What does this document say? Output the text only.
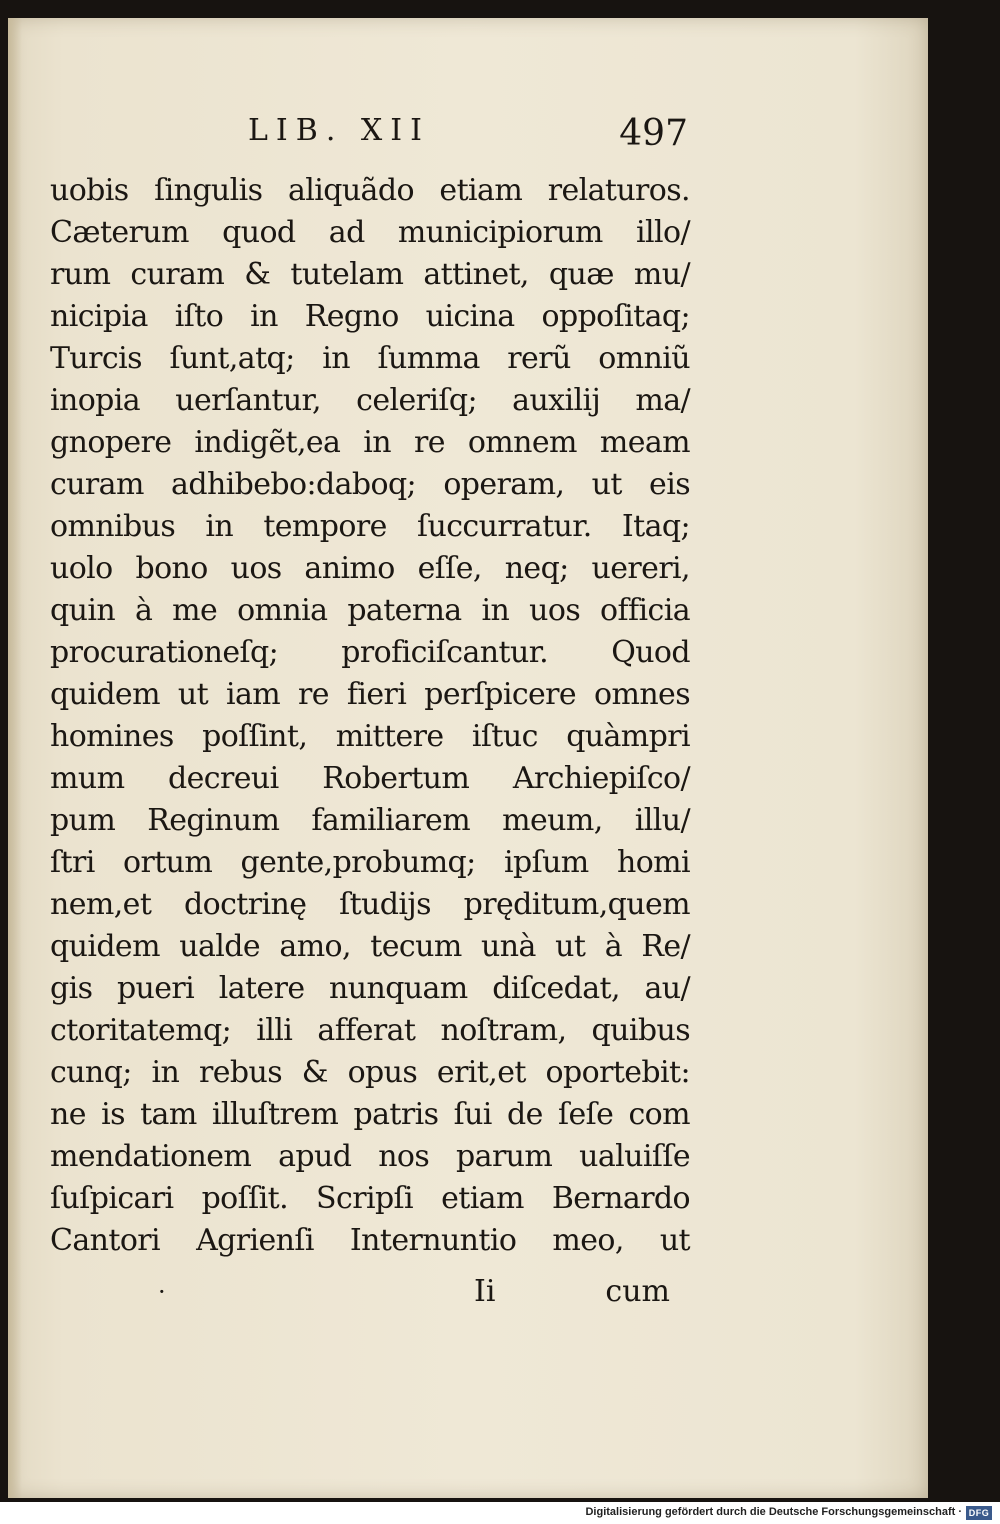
LIB. XII	497
uobis ſingulis aliquãdo etiam relaturos.
Cæterum quod ad municipiorum illo/
rum curam & tutelam attinet, quæ mu/
nicipia iſto in Regno uicina oppoſitaq;
Turcis ſunt,atq; in ſumma rerũ omniũ
inopia uerſantur, celeriſq; auxilij ma/
gnopere indigẽt,ea in re omnem meam
curam adhibebo:daboq; operam, ut eis
omnibus in tempore ſuccurratur. Itaq;
uolo bono uos animo eſſe, neq; uereri,
quin à me omnia paterna in uos officia
procurationeſq; proficiſcantur. Quod
quidem ut iam re fieri perſpicere omnes
homines poſſint, mittere iſtuc quàmpri
mum decreui Robertum Archiepiſco/
pum Reginum familiarem meum, illu/
ſtri ortum gente,probumq; ipſum homi
nem,et doctrinę ſtudijs pręditum,quem
quidem ualde amo, tecum unà ut à Re/
gis pueri latere nunquam diſcedat, au/
ctoritatemq; illi afferat noſtram, quibus
cunq; in rebus & opus erit,et oportebit:
ne is tam illuſtrem patris ſui de ſeſe com
mendationem apud nos parum ualuiſſe
ſuſpicari poſſit. Scripſi etiam Bernardo
Cantori Agrienſi Internuntio meo, ut
·	Ii	cum
Digitalisierung gefördert durch die Deutsche Forschungsgemeinschaft · DFG
